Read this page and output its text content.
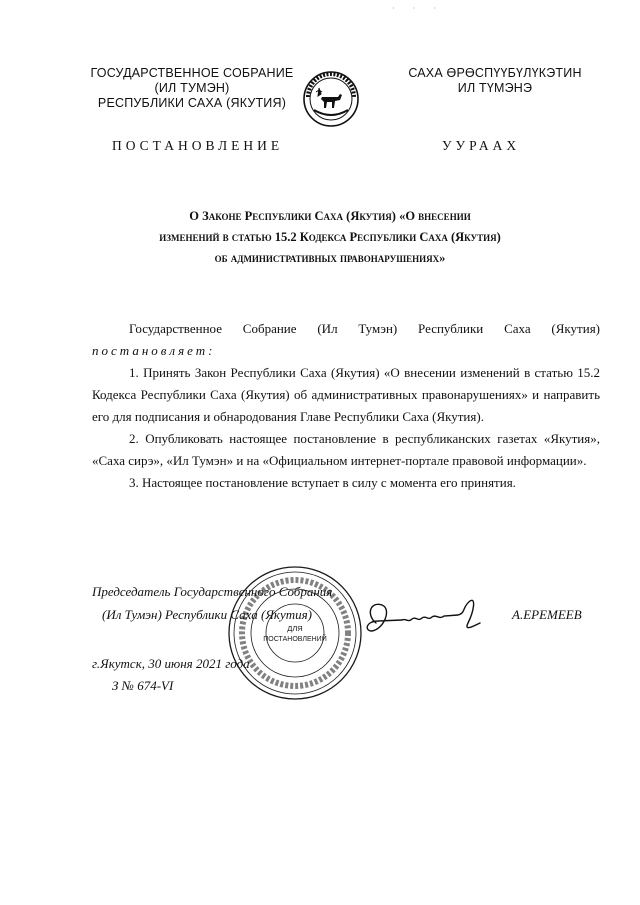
· · ·
ГОСУДАРСТВЕННОЕ СОБРАНИЕ
(ИЛ ТУМЭН)
РЕСПУБЛИКИ САХА (ЯКУТИЯ)
САХА ӨРӨСПҮҮБҮЛҮКЭТИН
ИЛ ТҮМЭНЭ
ПОСТАНОВЛЕНИЕ	УУРААХ
О Законе Республики Саха (Якутия) «О внесении
изменений в статью 15.2 Кодекса Республики Саха (Якутия)
об административных правонарушениях»

Государственное Собрание (Ил Тумэн) Республики Саха (Якутия)

постановляет:

1. Принять Закон Республики Саха (Якутия) «О внесении изменений в статью 15.2 Кодекса Республики Саха (Якутия) об административных правонарушениях» и направить его для подписания и обнародования Главе Республики Саха (Якутия).

2. Опубликовать настоящее постановление в республиканских газетах «Якутия», «Саха сирэ», «Ил Тумэн» и на «Официальном интернет-портале правовой информации».

3. Настоящее постановление вступает в силу с момента его принятия.

Председатель Государственного Собрания
(Ил Тумэн) Республики Саха (Якутия)	А.ЕРЕМЕЕВ
г.Якутск, 30 июня 2021 года
З № 674-VI
ДЛЯ
ПОСТАНОВЛЕНИЙ
